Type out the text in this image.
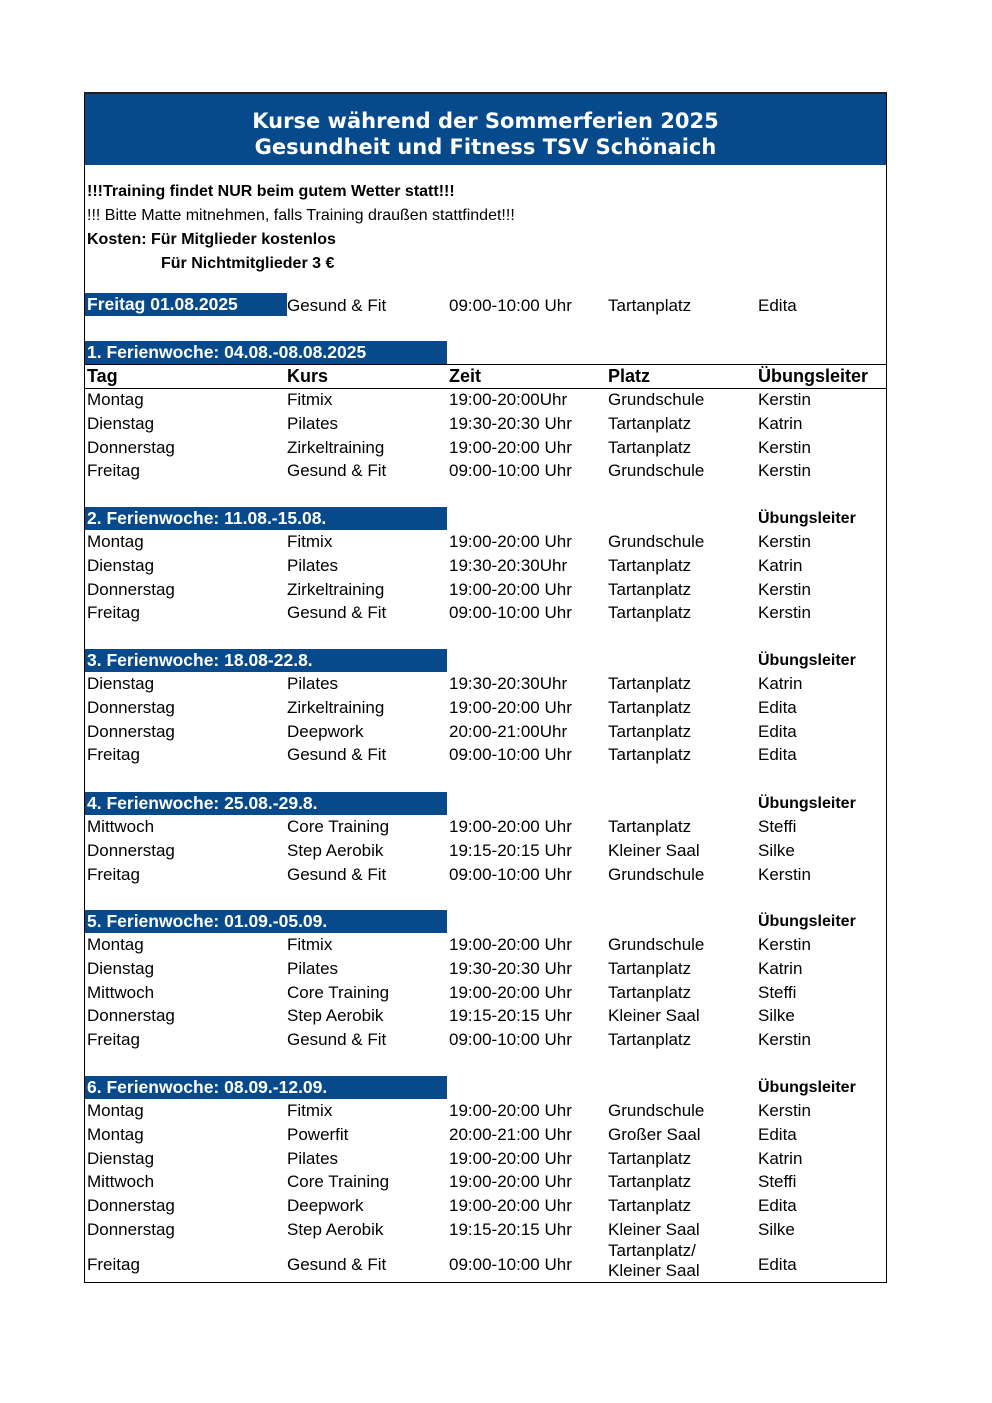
Kurse während der Sommerferien 2025
Gesundheit und Fitness TSV Schönaich
!!!Training findet NUR beim gutem Wetter statt!!!
!!! Bitte Matte mitnehmen, falls Training draußen stattfindet!!!
Kosten: Für Mitglieder kostenlos
Für Nichtmitglieder 3 €
Freitag 01.08.2025	Gesund & Fit	09:00-10:00 Uhr Tartanplatz	Edita
1. Ferienwoche: 04.08.-08.08.2025
Tag	Kurs	Zeit	Platz	Übungsleiter
Montag	Fitmix	19:00-20:00Uhr Grundschule	Kerstin
Dienstag	Pilates	19:30-20:30 Uhr Tartanplatz	Katrin
Donnerstag	Zirkeltraining	19:00-20:00 Uhr Tartanplatz	Kerstin
Freitag	Gesund & Fit	09:00-10:00 Uhr Grundschule	Kerstin
2. Ferienwoche: 11.08.-15.08.	Übungsleiter
Montag	Fitmix	19:00-20:00 Uhr Grundschule	Kerstin
Dienstag	Pilates	19:30-20:30Uhr Tartanplatz	Katrin
Donnerstag	Zirkeltraining	19:00-20:00 Uhr Tartanplatz	Kerstin
Freitag	Gesund & Fit	09:00-10:00 Uhr Tartanplatz	Kerstin
3. Ferienwoche: 18.08-22.8.	Übungsleiter
Dienstag	Pilates	19:30-20:30Uhr Tartanplatz	Katrin
Donnerstag	Zirkeltraining	19:00-20:00 Uhr Tartanplatz	Edita
Donnerstag	Deepwork	20:00-21:00Uhr Tartanplatz	Edita
Freitag	Gesund & Fit	09:00-10:00 Uhr Tartanplatz	Edita
4. Ferienwoche: 25.08.-29.8.	Übungsleiter
Mittwoch	Core Training	19:00-20:00 Uhr Tartanplatz	Steffi
Donnerstag	Step Aerobik	19:15-20:15 Uhr Kleiner Saal	Silke
Freitag	Gesund & Fit	09:00-10:00 Uhr Grundschule	Kerstin
5. Ferienwoche: 01.09.-05.09.	Übungsleiter
Montag	Fitmix	19:00-20:00 Uhr Grundschule	Kerstin
Dienstag	Pilates	19:30-20:30 Uhr Tartanplatz	Katrin
Mittwoch	Core Training	19:00-20:00 Uhr Tartanplatz	Steffi
Donnerstag	Step Aerobik	19:15-20:15 Uhr Kleiner Saal	Silke
Freitag	Gesund & Fit	09:00-10:00 Uhr Tartanplatz	Kerstin
6. Ferienwoche: 08.09.-12.09.	Übungsleiter
Montag	Fitmix	19:00-20:00 Uhr Grundschule	Kerstin
Montag	Powerfit	20:00-21:00 Uhr Großer Saal	Edita
Dienstag	Pilates	19:00-20:00 Uhr Tartanplatz	Katrin
Mittwoch	Core Training	19:00-20:00 Uhr Tartanplatz	Steffi
Donnerstag	Deepwork	19:00-20:00 Uhr Tartanplatz	Edita
Donnerstag	Step Aerobik	19:15-20:15 Uhr Kleiner Saal	Silke
Freitag	Gesund & Fit	09:00-10:00 Uhr
Tartanplatz/
Kleiner Saal	Edita
